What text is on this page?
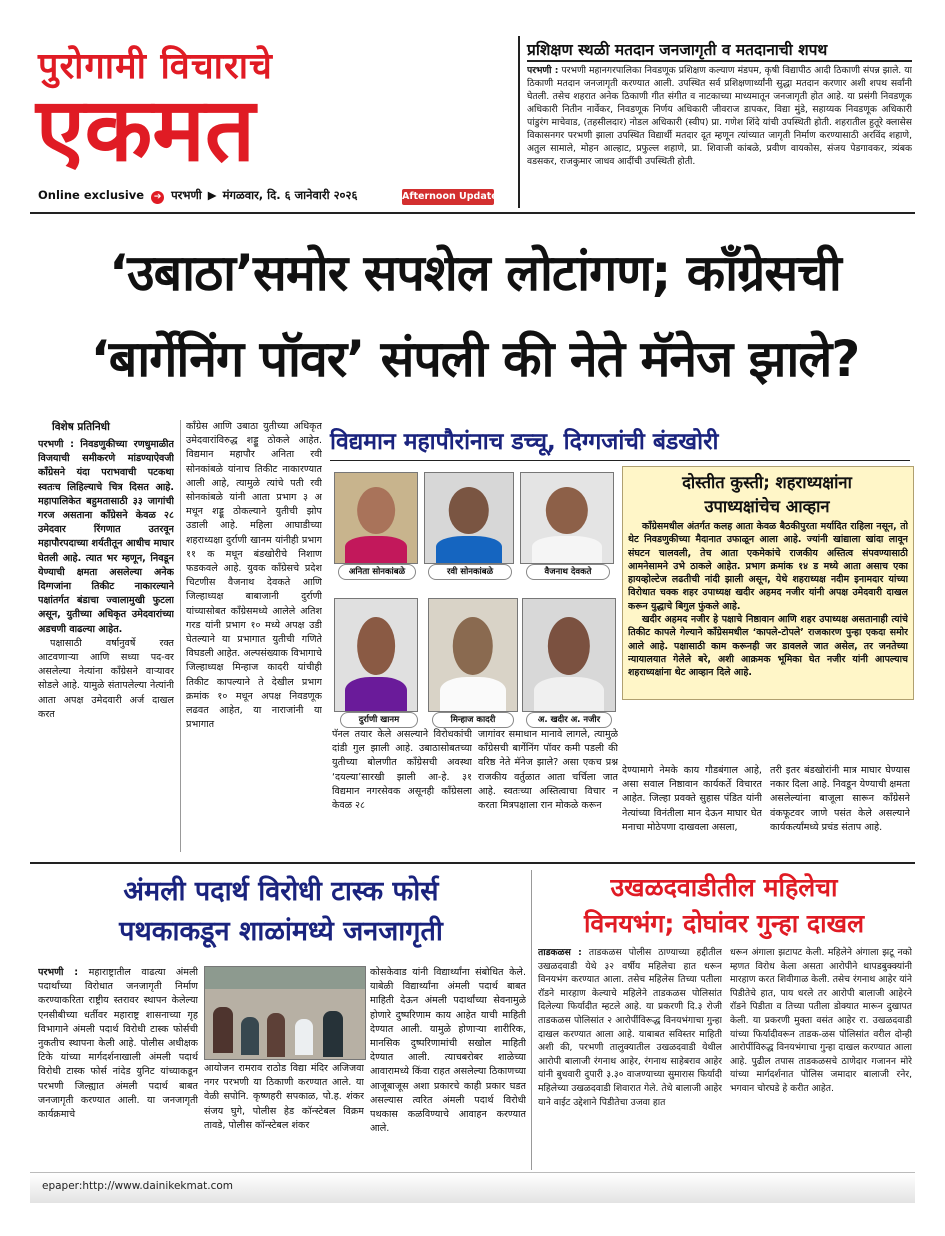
पुरोगामी विचाराचे
एकमत
Online exclusive ➔ परभणी ▶ मंगळवार, दि. ६ जानेवारी २०२६	Afternoon Update
प्रशिक्षण स्थळी मतदान जनजागृती व मतदानाची शपथ
परभणी : परभणी महानगरपालिका निवडणूक प्रशिक्षण कल्याण मंडपम, कृषी विद्यापीठ आदी ठिकाणी संपन्न झाले. या ठिकाणी मतदान जनजागृती करण्यात आली. उपस्थित सर्व प्रशिक्षणार्थ्यांनी सुद्धा मतदान करणार अशी शपथ सर्वांनी घेतली. तसेच शहरात अनेक ठिकाणी गीत संगीत व नाटकाच्या माध्यमातून जनजागृती होत आहे. या प्रसंगी निवडणूक अधिकारी नितीन नार्वेकर, निवडणूक निर्णय अधिकारी जीवराज डापकर, विद्या मुंडे, सहाय्यक निवडणूक अधिकारी पांडुरंग माचेवाड, (तहसीलदार) नोडल अधिकारी (स्वीप) प्रा. गणेश शिंदे यांची उपस्थिती होती. शहरातील हुतूरे क्लासेस विकासनगर परभणी झाला उपस्थित विद्यार्थी मतदार दूत म्हणून त्यांच्यात जागृती निर्माण करण्यासाठी अरविंद शहाणे, अतुल सामाले, मोहन आल्हाट, प्रफुल्ल शहाणे, प्रा. शिवाजी कांबळे, प्रवीण वायकोस, संजय पेडगावकर, त्र्यंबक वडसकर, राजकुमार जाधव आदींची उपस्थिती होती.
‘उबाठा’समोर सपशेल लोटांगण; काँग्रेसची
‘बार्गेनिंग पॉवर’ संपली की नेते मॅनेज झाले?
विशेष प्रतिनिधी
परभणी : निवडणुकीच्या रणधुमाळीत विजयाची समीकरणे मांडण्याऐवजी काँग्रेसने यंदा पराभवाची पटकथा स्वतःच लिहिल्याचे चित्र दिसत आहे. महापालिकेत बहुमतासाठी ३३ जागांची गरज असताना काँग्रेसने केवळ २८ उमेदवार रिंगणात उतरवून महापौरपदाच्या शर्यतीतून आधीच माघार घेतली आहे. त्यात भर म्हणून, निवडून येण्याची क्षमता असलेल्या अनेक दिग्गजांना तिकीट नाकारल्याने पक्षांतर्गत बंडाचा ज्वालामुखी फुटला असून, युतीच्या अधिकृत उमेदवारांच्या अडचणी वाढल्या आहेत.
पक्षासाठी वर्षानुवर्षे रक्त आटवणाऱ्या आणि सध्या पद-वर असलेल्या नेत्यांना काँग्रेसने वाऱ्यावर सोडले आहे. यामुळे संतापलेल्या नेत्यांनी आता अपक्ष उमेदवारी अर्ज दाखल करत
काँग्रेस आणि उबाठा युतीच्या अधिकृत उमेदवारांविरुद्ध शड्डू ठोकले आहेत. विद्यमान महापौर अनिता रवी सोनकांबळे यांनाच तिकीट नाकारण्यात आली आहे, त्यामुळे त्यांचे पती रवी सोनकांबळे यांनी आता प्रभाग ३ अ मधून शड्डू ठोकल्याने युतीची झोप उडाली आहे. महिला आघाडीच्या शहराध्यक्षा दुर्राणी खानम यांनीही प्रभाग ११ क मधून बंडखोरीचे निशाण फडकवले आहे. युवक काँग्रेसचे प्रदेश चिटणीस वैजनाथ देवकते आणि जिल्हाध्यक्ष बाबाजानी दुर्राणी यांच्यासोबत काँग्रेसमध्ये आलेले अतिश गरड यांनी प्रभाग १० मध्ये अपक्ष उडी घेतल्याने या प्रभागात युतीची गणिते विघडली आहेत. अल्पसंख्याक विभागाचे जिल्हाध्यक्ष मिन्हाज कादरी यांचीही तिकीट कापल्याने ते देखील प्रभाग क्रमांक १० मधून अपक्ष निवडणूक लढवत आहेत, या नाराजांनी या प्रभागात
विद्यमान महापौरांनाच डच्चू, दिग्गजांची बंडखोरी
अनिता सोनकांबळे	रवी सोनकांबळे	वैजनाथ देवकते
दुर्राणी खानम	मिन्हाज कादरी	अ. खदीर अ. नजीर
दोस्तीत कुस्ती; शहराध्यक्षांना
उपाध्यक्षांचेच आव्हान
काँग्रेसमधील अंतर्गत कलह आता केवळ बैठकीपुरता मर्यादित राहिला नसून, तो थेट निवडणुकीच्या मैदानात उफाळून आला आहे. ज्यांनी खांद्याला खांदा लावून संघटन चालवली, तेच आता एकमेकांचे राजकीय अस्तित्व संपवण्यासाठी आमनेसामने उभे ठाकले आहेत. प्रभाग क्रमांक १४ ड मध्ये आता असाच एका हायव्होल्टेज लढतीची नांदी झाली असून, येथे शहराध्यक्ष नदीम इनामदार यांच्या विरोधात चक्क शहर उपाध्यक्ष खदीर अहमद नजीर यांनी अपक्ष उमेदवारी दाखल करून युद्धाचे बिगुल फुंकले आहे.
खदीर अहमद नजीर हे पक्षाचे निष्ठावान आणि शहर उपाध्यक्ष असतानाही त्यांचे तिकीट कापले गेल्याने काँग्रेसमधील ‘कापले-टोपले’ राजकारण पुन्हा एकदा समोर आले आहे. पक्षासाठी काम करूनही जर डावलले जात असेल, तर जनतेच्या न्यायालयात गेलेले बरे, अशी आक्रमक भूमिका घेत नजीर यांनी आपल्याच शहराध्यक्षांना थेट आव्हान दिले आहे.
पॅनल तयार केले असल्याने विरोधकांची दांडी गुल झाली आहे. उबाठासोबतच्या युतीच्या बोलणीत काँग्रेसची अवस्था ‘दयल्या’सारखी झाली आ-हे. ३१ विद्यमान नगरसेवक असूनही काँग्रेसला केवळ २८
जागांवर समाधान मानावे लागले, त्यामुळे काँग्रेसची बार्गेनिंग पॉवर कमी पडली की वरिष्ठ नेते मॅनेज झाले? असा एकच प्रश्न राजकीय वर्तुळात आता चर्चिला जात आहे. स्वतःच्या अस्तित्वाचा विचार न करता मित्रपक्षाला रान मोकळे करून
देण्यामागे नेमके काय गौडबंगाल आहे, असा सवाल निष्ठावान कार्यकर्ते विचारत आहेत. जिल्हा प्रवक्ते सुहास पंडित यांनी नेत्यांच्या विनंतीला मान देऊन माघार घेत मनाचा मोठेपणा दाखवला असला,
तरी इतर बंडखोरांनी मात्र माघार घेण्यास नकार दिला आहे. निवडून येण्याची क्षमता असलेल्यांना बाजूला सारून काँग्रेसने वंकफूटवर जाणे पसंत केले असल्याने कार्यकर्त्यांमध्ये प्रचंड संताप आहे.
अंमली पदार्थ विरोधी टास्क फोर्स
पथकाकडून शाळांमध्ये जनजागृती
परभणी : महाराष्ट्रातील वाढत्या अंमली पदार्थांच्या विरोधात जनजागृती निर्माण करण्याकरिता राष्ट्रीय स्तरावर स्थापन केलेल्या एनसीबीच्या धर्तीवर महाराष्ट्र शासनाच्या गृह विभागाने अंमली पदार्थ विरोधी टास्क फोर्सची नुकतीच स्थापना केली आहे. पोलीस अधीक्षक टिके यांच्या मार्गदर्शनाखाली अंमली पदार्थ विरोधी टास्क फोर्स नांदेड युनिट यांच्याकडून परभणी जिल्ह्यात अंमली पदार्थ बाबत जनजागृती करण्यात आली. या जनजागृती कार्यक्रमाचे
आयोजन रामराव राठोड विद्या मंदिर अजिजवा नगर परभणी या ठिकाणी करण्यात आले. या वेळी सपोनि. कृष्णहरी सपकाळ, पो.ह. शंकर संजय घुगे, पोलीस हेड कॉन्स्टेबल विक्रम तावडे, पोलीस कॉन्स्टेबल शंकर
कोसकेवाड यांनी विद्यार्थ्यांना संबोधित केले. याबेळी विद्यार्थ्यांना अंमली पदार्थ बाबत माहिती देऊन अंमली पदार्थांच्या सेवनामुळे होणारे दुष्परिणाम काय आहेत याची माहिती देण्यात आली. यामुळे होणाऱ्या शारीरिक, मानसिक दुष्परिणामांची सखोल माहिती देण्यात आली. त्याचबरोबर शाळेच्या आवारामध्ये किंवा राहत असलेल्या ठिकाणच्या आजूबाजूस अशा प्रकारचे काही प्रकार घडत असल्यास त्वरित अंमली पदार्थ विरोधी पथकास कळविण्याचे आवाहन करण्यात आले.
उखळदवाडीतील महिलेचा
विनयभंग; दोघांवर गुन्हा दाखल
ताडकळस : ताडकळस पोलीस ठाण्याच्या हद्दीतील उखळदवाडी येथे ३२ वर्षीय महिलेचा हात धरून विनयभंग करण्यात आला. तसेच महिलेस तिच्या पतीला रॉडने मारहाण केल्याचे महिलेने ताडकळस पोलिसांत दिलेल्या फिर्यादीत म्हटले आहे. या प्रकरणी दि.३ रोजी ताडकळस पोलिसांत २ आरोपींविरूद्ध विनयभंगाचा गुन्हा दाखल करण्यात आला आहे. याबाबत सविस्तर माहिती अशी की, परभणी तालुक्यातील उखळदवाडी येथील आरोपी बालाजी रंगनाथ आहेर, रंगनाथ साहेबराव आहेर यांनी बुधवारी दुपारी ३.३० वाजण्याच्या सुमारास फिर्यादी महिलेच्या उखळदवाडी शिवारात गेले. तेथे बालाजी आहेर याने वाईट उद्देशाने पिडीतेचा उजवा हात
धरून अंगाला झटापट केली. महिलेने अंगाला झटू नको म्हणत विरोध केला असता आरोपीने थापडबुक्क्यांनी मारहाण करत शिवीगाळ केली. तसेच रंगनाथ आहेर यांने पिडीतेचे हात, पाय धरले तर आरोपी बालाजी आहेरने रॉडने पिडीता व तिच्या पतीला डोक्यात मारून दुखापत केली. या प्रकरणी मुक्ता वसंत आहेर रा. उखळदवाडी यांच्या फिर्यादीवरून ताडक-ळस पोलिसांत वरील दोन्ही आरोपींविरुद्ध विनयभंगाचा गुन्हा दाखल करण्यात आला आहे. पुढील तपास ताडकळसचे ठाणेदार गजानन मोरे यांच्या मार्गदर्शनात पोलिस जमादार बालाजी रनेर, भगवान चोरघडे हे करीत आहेत.
epaper:http://www.dainikekmat.com
